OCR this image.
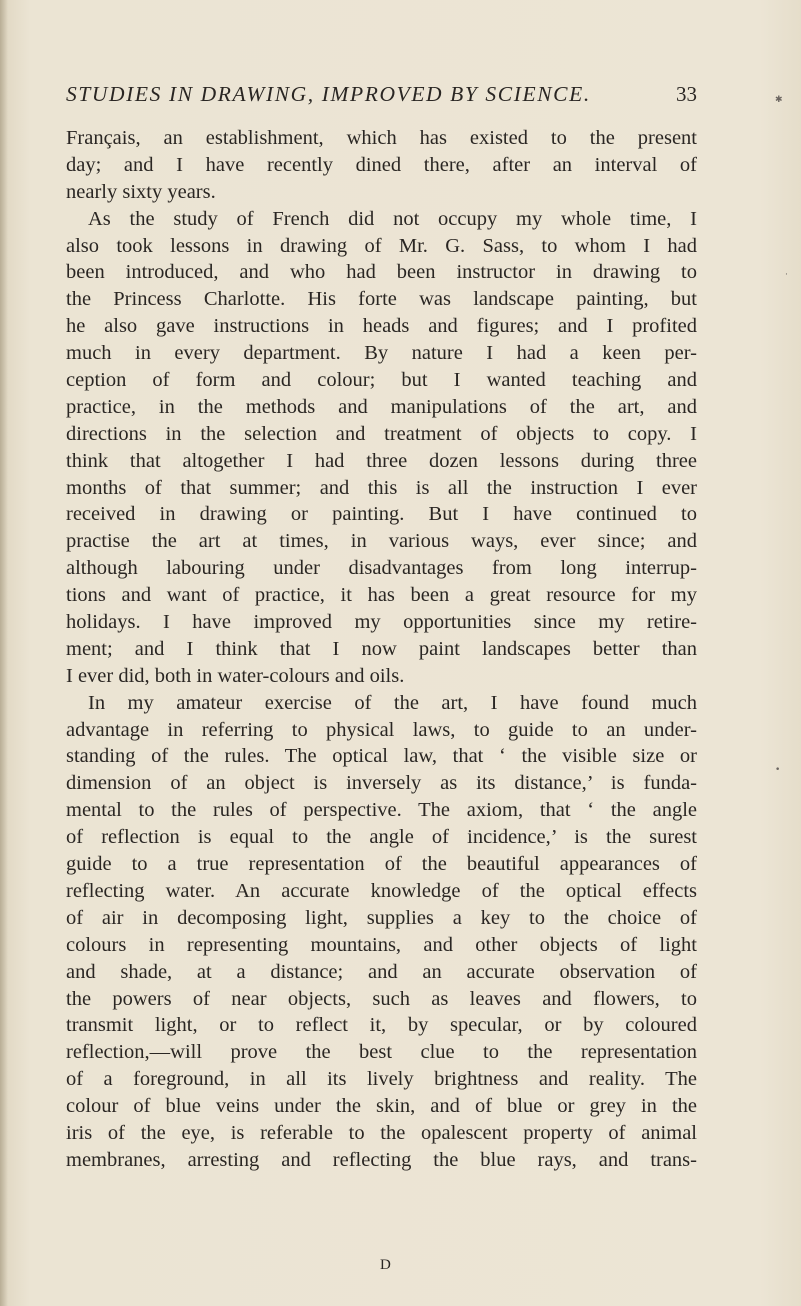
STUDIES IN DRAWING, IMPROVED BY SCIENCE.	33
Français, an establishment, which has existed to the present
day; and I have recently dined there, after an interval of
nearly sixty years.
As the study of French did not occupy my whole time, I
also took lessons in drawing of Mr. G. Sass, to whom I had
been introduced, and who had been instructor in drawing to
the Princess Charlotte. His forte was landscape painting, but
he also gave instructions in heads and figures; and I profited
much in every department. By nature I had a keen per-
ception of form and colour; but I wanted teaching and
practice, in the methods and manipulations of the art, and
directions in the selection and treatment of objects to copy. I
think that altogether I had three dozen lessons during three
months of that summer; and this is all the instruction I ever
received in drawing or painting. But I have continued to
practise the art at times, in various ways, ever since; and
although labouring under disadvantages from long interrup-
tions and want of practice, it has been a great resource for my
holidays. I have improved my opportunities since my retire-
ment; and I think that I now paint landscapes better than
I ever did, both in water-colours and oils.
In my amateur exercise of the art, I have found much
advantage in referring to physical laws, to guide to an under-
standing of the rules. The optical law, that ‘ the visible size or
dimension of an object is inversely as its distance,’ is funda-
mental to the rules of perspective. The axiom, that ‘ the angle
of reflection is equal to the angle of incidence,’ is the surest
guide to a true representation of the beautiful appearances of
reflecting water. An accurate knowledge of the optical effects
of air in decomposing light, supplies a key to the choice of
colours in representing mountains, and other objects of light
and shade, at a distance; and an accurate observation of
the powers of near objects, such as leaves and flowers, to
transmit light, or to reflect it, by specular, or by coloured
reflection,—will prove the best clue to the representation
of a foreground, in all its lively brightness and reality. The
colour of blue veins under the skin, and of blue or grey in the
iris of the eye, is referable to the opalescent property of animal
membranes, arresting and reflecting the blue rays, and trans-
D
✱
·
•
